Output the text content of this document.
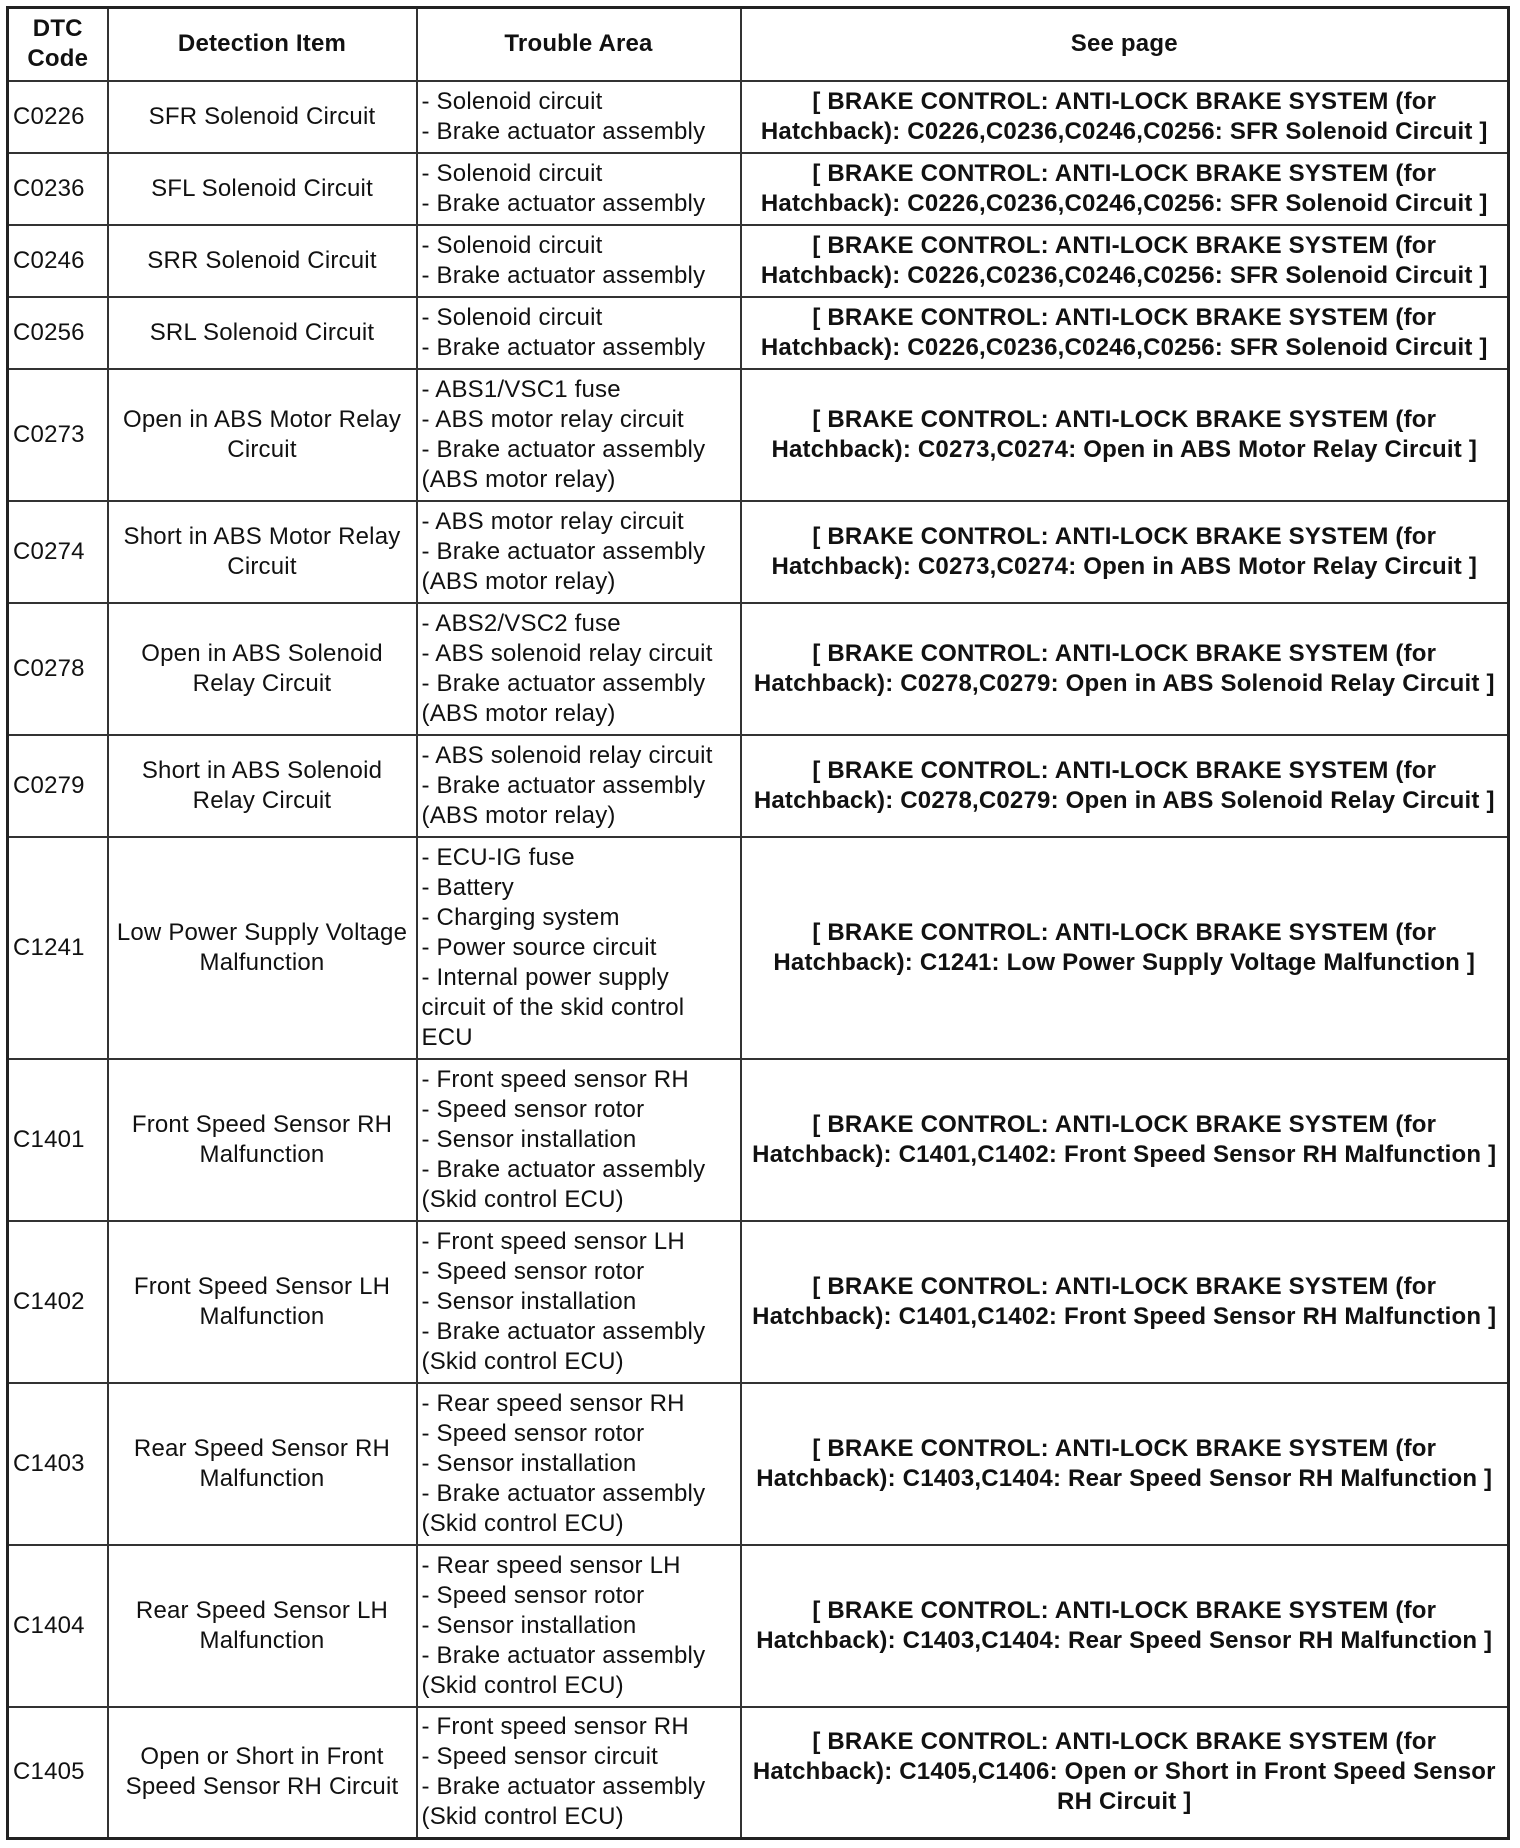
DTC
Code	Detection Item	Trouble Area	See page
C0226	SFR Solenoid Circuit	- Solenoid circuit
- Brake actuator assembly	[ BRAKE CONTROL: ANTI-LOCK BRAKE SYSTEM (for Hatchback): C0226,C0236,C0246,C0256: SFR Solenoid Circuit ]
C0236	SFL Solenoid Circuit	- Solenoid circuit
- Brake actuator assembly	[ BRAKE CONTROL: ANTI-LOCK BRAKE SYSTEM (for Hatchback): C0226,C0236,C0246,C0256: SFR Solenoid Circuit ]
C0246	SRR Solenoid Circuit	- Solenoid circuit
- Brake actuator assembly	[ BRAKE CONTROL: ANTI-LOCK BRAKE SYSTEM (for Hatchback): C0226,C0236,C0246,C0256: SFR Solenoid Circuit ]
C0256	SRL Solenoid Circuit	- Solenoid circuit
- Brake actuator assembly	[ BRAKE CONTROL: ANTI-LOCK BRAKE SYSTEM (for Hatchback): C0226,C0236,C0246,C0256: SFR Solenoid Circuit ]
C0273	Open in ABS Motor Relay Circuit	- ABS1/VSC1 fuse
- ABS motor relay circuit
- Brake actuator assembly
(ABS motor relay)	[ BRAKE CONTROL: ANTI-LOCK BRAKE SYSTEM (for Hatchback): C0273,C0274: Open in ABS Motor Relay Circuit ]
C0274	Short in ABS Motor Relay Circuit	- ABS motor relay circuit
- Brake actuator assembly
(ABS motor relay)	[ BRAKE CONTROL: ANTI-LOCK BRAKE SYSTEM (for Hatchback): C0273,C0274: Open in ABS Motor Relay Circuit ]
C0278	Open in ABS Solenoid Relay Circuit	- ABS2/VSC2 fuse
- ABS solenoid relay circuit
- Brake actuator assembly
(ABS motor relay)	[ BRAKE CONTROL: ANTI-LOCK BRAKE SYSTEM (for Hatchback): C0278,C0279: Open in ABS Solenoid Relay Circuit ]
C0279	Short in ABS Solenoid Relay Circuit	- ABS solenoid relay circuit
- Brake actuator assembly
(ABS motor relay)	[ BRAKE CONTROL: ANTI-LOCK BRAKE SYSTEM (for Hatchback): C0278,C0279: Open in ABS Solenoid Relay Circuit ]
C1241	Low Power Supply Voltage Malfunction	- ECU-IG fuse
- Battery
- Charging system
- Power source circuit
- Internal power supply circuit of the skid control ECU	[ BRAKE CONTROL: ANTI-LOCK BRAKE SYSTEM (for Hatchback): C1241: Low Power Supply Voltage Malfunction ]
C1401	Front Speed Sensor RH Malfunction	- Front speed sensor RH
- Speed sensor rotor
- Sensor installation
- Brake actuator assembly
(Skid control ECU)	[ BRAKE CONTROL: ANTI-LOCK BRAKE SYSTEM (for Hatchback): C1401,C1402: Front Speed Sensor RH Malfunction ]
C1402	Front Speed Sensor LH Malfunction	- Front speed sensor LH
- Speed sensor rotor
- Sensor installation
- Brake actuator assembly
(Skid control ECU)	[ BRAKE CONTROL: ANTI-LOCK BRAKE SYSTEM (for Hatchback): C1401,C1402: Front Speed Sensor RH Malfunction ]
C1403	Rear Speed Sensor RH Malfunction	- Rear speed sensor RH
- Speed sensor rotor
- Sensor installation
- Brake actuator assembly
(Skid control ECU)	[ BRAKE CONTROL: ANTI-LOCK BRAKE SYSTEM (for Hatchback): C1403,C1404: Rear Speed Sensor RH Malfunction ]
C1404	Rear Speed Sensor LH Malfunction	- Rear speed sensor LH
- Speed sensor rotor
- Sensor installation
- Brake actuator assembly
(Skid control ECU)	[ BRAKE CONTROL: ANTI-LOCK BRAKE SYSTEM (for Hatchback): C1403,C1404: Rear Speed Sensor RH Malfunction ]
C1405	Open or Short in Front Speed Sensor RH Circuit	- Front speed sensor RH
- Speed sensor circuit
- Brake actuator assembly
(Skid control ECU)	[ BRAKE CONTROL: ANTI-LOCK BRAKE SYSTEM (for Hatchback): C1405,C1406: Open or Short in Front Speed Sensor RH Circuit ]
